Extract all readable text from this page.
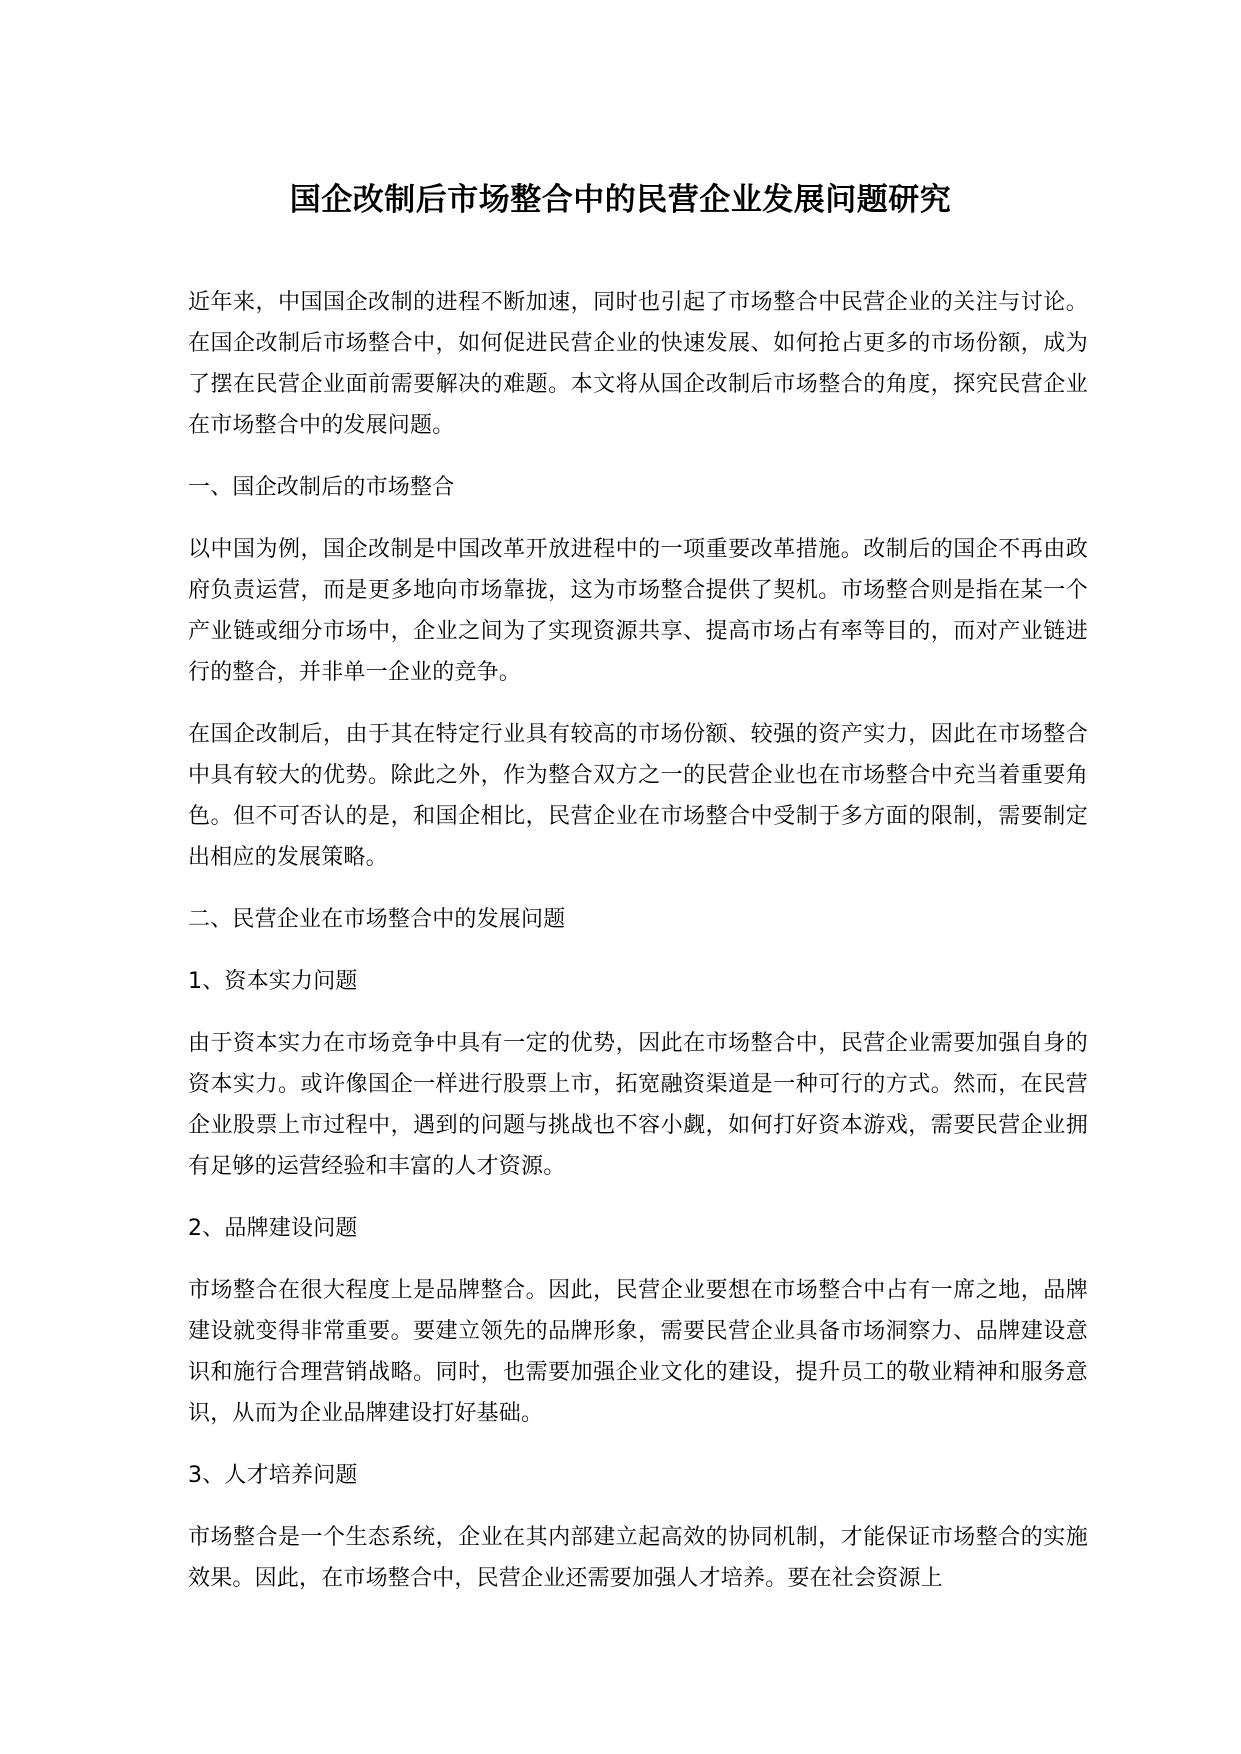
国企改制后市场整合中的民营企业发展问题研究

近年来，中国国企改制的进程不断加速，同时也引起了市场整合中民营企业的关注与讨论。在国企改制后市场整合中，如何促进民营企业的快速发展、如何抢占更多的市场份额，成为了摆在民营企业面前需要解决的难题。本文将从国企改制后市场整合的角度，探究民营企业在市场整合中的发展问题。

一、国企改制后的市场整合

以中国为例，国企改制是中国改革开放进程中的一项重要改革措施。改制后的国企不再由政府负责运营，而是更多地向市场靠拢，这为市场整合提供了契机。市场整合则是指在某一个产业链或细分市场中，企业之间为了实现资源共享、提高市场占有率等目的，而对产业链进行的整合，并非单一企业的竞争。

在国企改制后，由于其在特定行业具有较高的市场份额、较强的资产实力，因此在市场整合中具有较大的优势。除此之外，作为整合双方之一的民营企业也在市场整合中充当着重要角色。但不可否认的是，和国企相比，民营企业在市场整合中受制于多方面的限制，需要制定出相应的发展策略。

二、民营企业在市场整合中的发展问题

1、资本实力问题

由于资本实力在市场竞争中具有一定的优势，因此在市场整合中，民营企业需要加强自身的资本实力。或许像国企一样进行股票上市，拓宽融资渠道是一种可行的方式。然而，在民营企业股票上市过程中，遇到的问题与挑战也不容小觑，如何打好资本游戏，需要民营企业拥有足够的运营经验和丰富的人才资源。

2、品牌建设问题

市场整合在很大程度上是品牌整合。因此，民营企业要想在市场整合中占有一席之地，品牌建设就变得非常重要。要建立领先的品牌形象，需要民营企业具备市场洞察力、品牌建设意识和施行合理营销战略。同时，也需要加强企业文化的建设，提升员工的敬业精神和服务意识，从而为企业品牌建设打好基础。

3、人才培养问题

市场整合是一个生态系统，企业在其内部建立起高效的协同机制，才能保证市场整合的实施效果。因此，在市场整合中，民营企业还需要加强人才培养。要在社会资源上
